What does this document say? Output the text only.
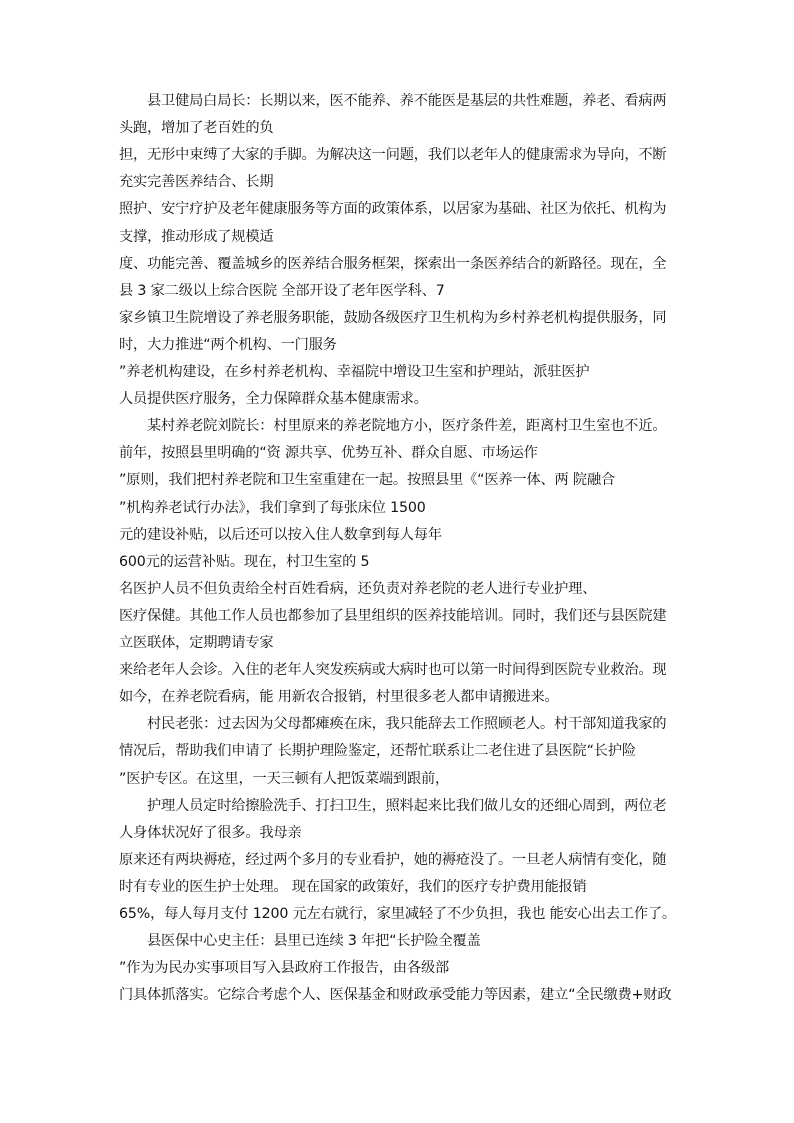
县卫健局白局长：长期以来，医不能养、养不能医是基层的共性难题，养老、看病两
头跑，增加了老百姓的负
担，无形中束缚了大家的手脚。为解决这一问题，我们以老年人的健康需求为导向，不断
充实完善医养结合、长期
照护、安宁疗护及老年健康服务等方面的政策体系，以居家为基础、社区为依托、机构为
支撑，推动形成了规模适
度、功能完善、覆盖城乡的医养结合服务框架，探索出一条医养结合的新路径。现在，全
县 3 家二级以上综合医院 全部开设了老年医学科、7
家乡镇卫生院增设了养老服务职能，鼓励各级医疗卫生机构为乡村养老机构提供服务，同
时，大力推进“两个机构、一门服务
”养老机构建设，在乡村养老机构、幸福院中增设卫生室和护理站，派驻医护
人员提供医疗服务，全力保障群众基本健康需求。
某村养老院刘院长：村里原来的养老院地方小，医疗条件差，距离村卫生室也不近。
前年，按照县里明确的“资 源共享、优势互补、群众自愿、市场运作
”原则，我们把村养老院和卫生室重建在一起。按照县里《“医养一体、两 院融合
”机构养老试行办法》，我们拿到了每张床位 1500
元的建设补贴，以后还可以按入住人数拿到每人每年
600元的运营补贴。现在，村卫生室的 5
名医护人员不但负责给全村百姓看病，还负责对养老院的老人进行专业护理、
医疗保健。其他工作人员也都参加了县里组织的医养技能培训。同时，我们还与县医院建
立医联体，定期聘请专家
来给老年人会诊。入住的老年人突发疾病或大病时也可以第一时间得到医院专业救治。现
如今，在养老院看病，能 用新农合报销，村里很多老人都申请搬进来。
村民老张：过去因为父母都瘫痪在床，我只能辞去工作照顾老人。村干部知道我家的
情况后，帮助我们申请了 长期护理险鉴定，还帮忙联系让二老住进了县医院“长护险
”医护专区。在这里，一天三顿有人把饭菜端到跟前，
护理人员定时给擦脸洗手、打扫卫生，照料起来比我们做儿女的还细心周到，两位老
人身体状况好了很多。我母亲
原来还有两块褥疮，经过两个多月的专业看护，她的褥疮没了。一旦老人病情有变化，随
时有专业的医生护士处理。 现在国家的政策好，我们的医疗专护费用能报销
65%，每人每月支付 1200 元左右就行，家里减轻了不少负担，我也 能安心出去工作了。
县医保中心史主任：县里已连续 3 年把“长护险全覆盖
”作为为民办实事项目写入县政府工作报告，由各级部
门具体抓落实。它综合考虑个人、医保基金和财政承受能力等因素，建立“全民缴费+财政
